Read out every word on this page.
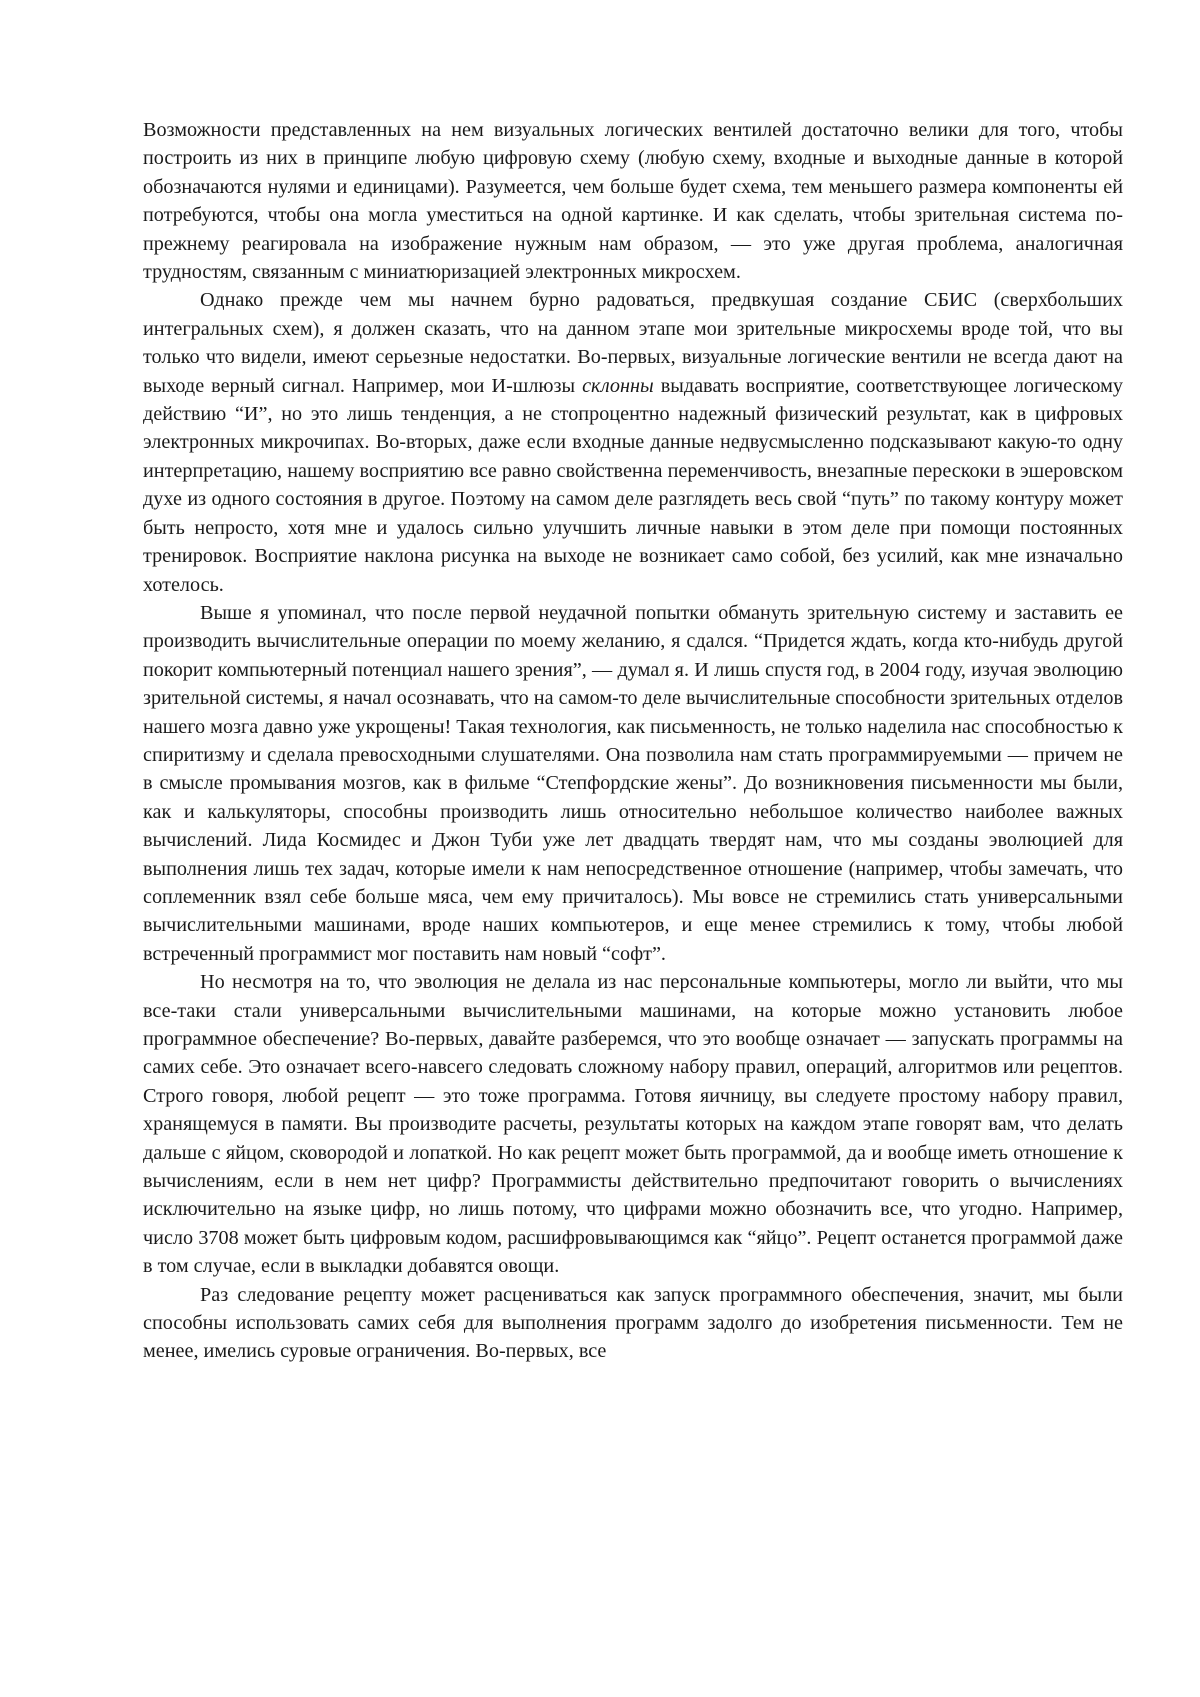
Возможности представленных на нем визуальных логических вентилей достаточно велики для того, чтобы построить из них в принципе любую цифровую схему (любую схему, входные и выходные данные в которой обозначаются нулями и единицами). Разумеется, чем больше будет схема, тем меньшего размера компоненты ей потребуются, чтобы она могла уместиться на одной картинке. И как сделать, чтобы зрительная система по-прежнему реагировала на изображение нужным нам образом, — это уже другая проблема, аналогичная трудностям, связанным с миниатюризацией электронных микросхем.

Однако прежде чем мы начнем бурно радоваться, предвкушая создание СБИС (сверхбольших интегральных схем), я должен сказать, что на данном этапе мои зрительные микросхемы вроде той, что вы только что видели, имеют серьезные недостатки. Во-первых, визуальные логические вентили не всегда дают на выходе верный сигнал. Например, мои И-шлюзы склонны выдавать восприятие, соответствующее логическому действию “И”, но это лишь тенденция, а не стопроцентно надежный физический результат, как в цифровых электронных микрочипах. Во-вторых, даже если входные данные недвусмысленно подсказывают какую-то одну интерпретацию, нашему восприятию все равно свойственна переменчивость, внезапные перескоки в эшеровском духе из одного состояния в другое. Поэтому на самом деле разглядеть весь свой “путь” по такому контуру может быть непросто, хотя мне и удалось сильно улучшить личные навыки в этом деле при помощи постоянных тренировок. Восприятие наклона рисунка на выходе не возникает само собой, без усилий, как мне изначально хотелось.

Выше я упоминал, что после первой неудачной попытки обмануть зрительную систему и заставить ее производить вычислительные операции по моему желанию, я сдался. “Придется ждать, когда кто-нибудь другой покорит компьютерный потенциал нашего зрения”, — думал я. И лишь спустя год, в 2004 году, изучая эволюцию зрительной системы, я начал осознавать, что на самом-то деле вычислительные способности зрительных отделов нашего мозга давно уже укрощены! Такая технология, как письменность, не только наделила нас способностью к спиритизму и сделала превосходными слушателями. Она позволила нам стать программируемыми — причем не в смысле промывания мозгов, как в фильме “Степфордские жены”. До возникновения письменности мы были, как и калькуляторы, способны производить лишь относительно небольшое количество наиболее важных вычислений. Лида Космидес и Джон Туби уже лет двадцать твердят нам, что мы созданы эволюцией для выполнения лишь тех задач, которые имели к нам непосредственное отношение (например, чтобы замечать, что соплеменник взял себе больше мяса, чем ему причиталось). Мы вовсе не стремились стать универсальными вычислительными машинами, вроде наших компьютеров, и еще менее стремились к тому, чтобы любой встреченный программист мог поставить нам новый “софт”.

Но несмотря на то, что эволюция не делала из нас персональные компьютеры, могло ли выйти, что мы все-таки стали универсальными вычислительными машинами, на которые можно установить любое программное обеспечение? Во-первых, давайте разберемся, что это вообще означает — запускать программы на самих себе. Это означает всего-навсего следовать сложному набору правил, операций, алгоритмов или рецептов. Строго говоря, любой рецепт — это тоже программа. Готовя яичницу, вы следуете простому набору правил, хранящемуся в памяти. Вы производите расчеты, результаты которых на каждом этапе говорят вам, что делать дальше с яйцом, сковородой и лопаткой. Но как рецепт может быть программой, да и вообще иметь отношение к вычислениям, если в нем нет цифр? Программисты действительно предпочитают говорить о вычислениях исключительно на языке цифр, но лишь потому, что цифрами можно обозначить все, что угодно. Например, число 3708 может быть цифровым кодом, расшифровывающимся как “яйцо”. Рецепт останется программой даже в том случае, если в выкладки добавятся овощи.

Раз следование рецепту может расцениваться как запуск программного обеспечения, значит, мы были способны использовать самих себя для выполнения программ задолго до изобретения письменности. Тем не менее, имелись суровые ограничения. Во-первых, все
